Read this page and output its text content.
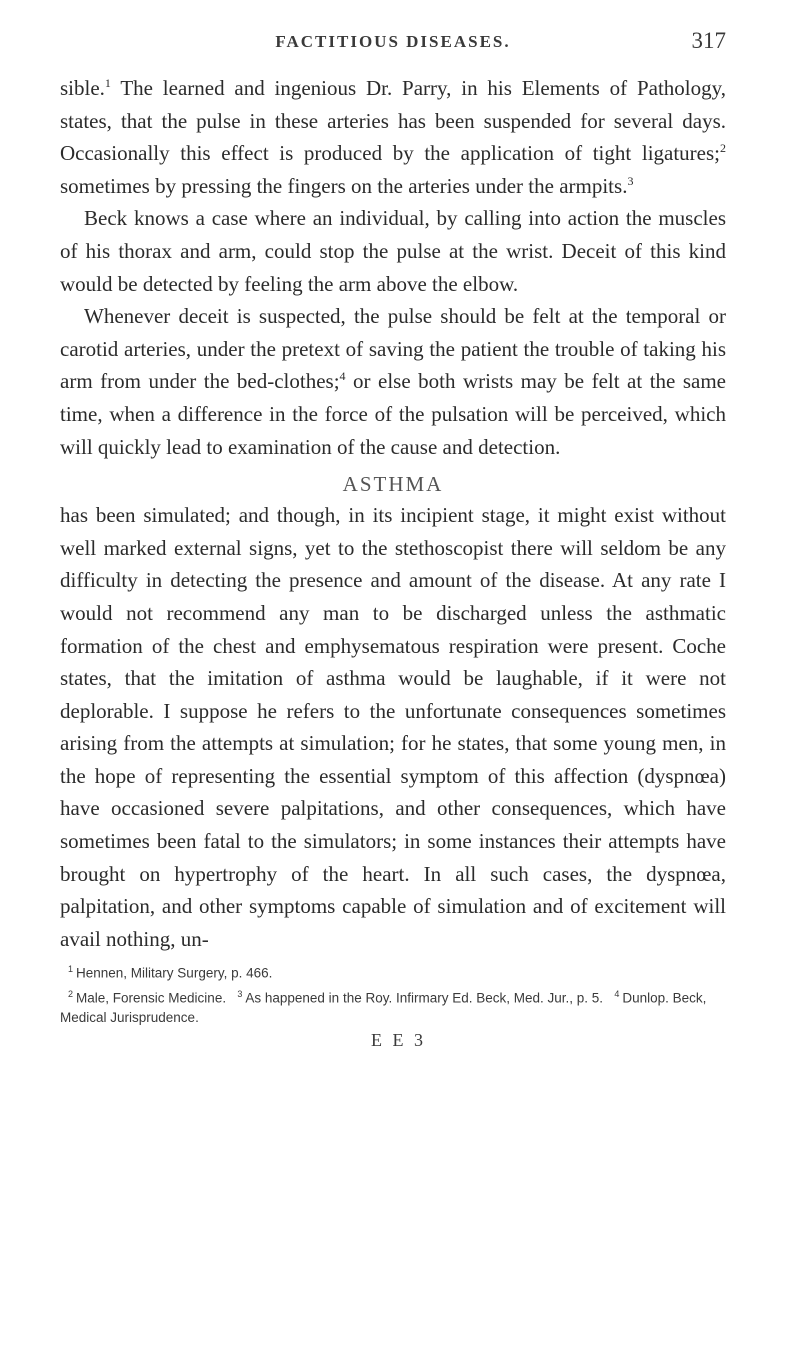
FACTITIOUS DISEASES.	317

sible.$^1$ The learned and ingenious Dr. Parry, in his Elements of Pathology, states, that the pulse in these arteries has been suspended for several days. Occasionally this effect is produced by the application of tight ligatures;$^2$ sometimes by pressing the fingers on the arteries under the armpits.$^3$

Beck knows a case where an individual, by calling into action the muscles of his thorax and arm, could stop the pulse at the wrist. Deceit of this kind would be detected by feeling the arm above the elbow.

Whenever deceit is suspected, the pulse should be felt at the temporal or carotid arteries, under the pretext of saving the patient the trouble of taking his arm from under the bed-clothes;$^4$ or else both wrists may be felt at the same time, when a difference in the force of the pulsation will be perceived, which will quickly lead to examination of the cause and detection.

ASTHMA

has been simulated; and though, in its incipient stage, it might exist without well marked external signs, yet to the stethoscopist there will seldom be any difficulty in detecting the presence and amount of the disease. At any rate I would not recommend any man to be discharged unless the asthmatic formation of the chest and emphysematous respiration were present. Coche states, that the imitation of asthma would be laughable, if it were not deplorable. I suppose he refers to the unfortunate consequences sometimes arising from the attempts at simulation; for he states, that some young men, in the hope of representing the essential symptom of this affection (dyspnœa) have occasioned severe palpitations, and other consequences, which have sometimes been fatal to the simulators; in some instances their attempts have brought on hypertrophy of the heart. In all such cases, the dyspnœa, palpitation, and other symptoms capable of simulation and of excitement will avail nothing, un-

$^1$ Hennen, Military Surgery, p. 466.

$^2$ Male, Forensic Medicine. $^3$ As happened in the Roy. Infirmary Ed. Beck, Med. Jur., p. 5. $^4$ Dunlop. Beck, Medical Jurisprudence.

E E 3
